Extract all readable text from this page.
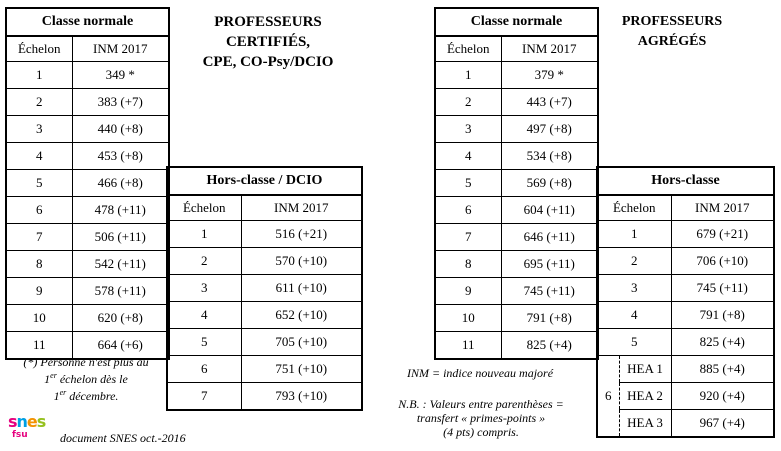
Classe normale	
Échelon	INM 2017
1	349 *
2	383 (+7)
3	440 (+8)
4	453 (+8)
5	466 (+8)
6	478 (+11)
7	506 (+11)
8	542 (+11)
9	578 (+11)
10	620 (+8)
11	664 (+6)
PROFESSEURS CERTIFIÉS,
CPE, CO-Psy/DCIO
Hors-classe / DCIO	
Échelon	INM 2017
1	516 (+21)
2	570 (+10)
3	611 (+10)
4	652 (+10)
5	705 (+10)
6	751 (+10)
7	793 (+10)
(*) Personne n'est plus au
1er échelon dès le
1er décembre.
Classe normale	
Échelon	INM 2017
1	379 *
2	443 (+7)
3	497 (+8)
4	534 (+8)
5	569 (+8)
6	604 (+11)
7	646 (+11)
8	695 (+11)
9	745 (+11)
10	791 (+8)
11	825 (+4)
PROFESSEURS
AGRÉGÉS
Hors-classe		
Échelon		INM 2017
1		679 (+21)
2		706 (+10)
3		745 (+11)
4		791 (+8)
5		825 (+4)
6	HEA 1	885 (+4)
	HEA 2	920 (+4)
	HEA 3	967 (+4)
INM = indice nouveau majoré
N.B. : Valeurs entre parenthèses =
transfert « primes-points »
(4 pts) compris.
snes
fsu	document SNES oct.-2016
